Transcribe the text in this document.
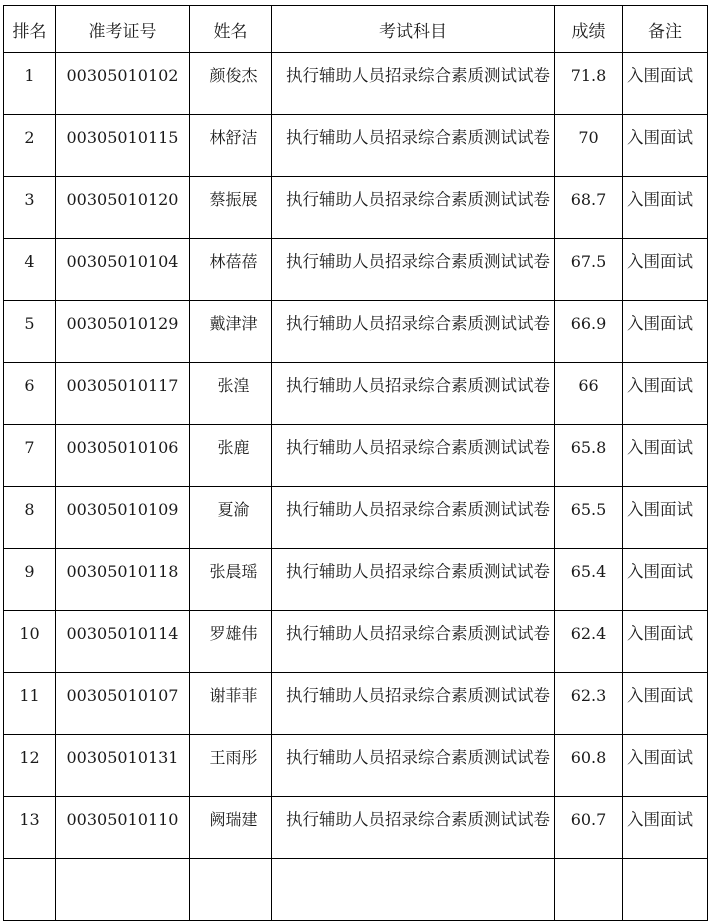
排名	准考证号	姓名	考试科目	成绩	备注
1	00305010102	颜俊杰	执行辅助人员招录综合素质测试试卷	71.8	入围面试
2	00305010115	林舒洁	执行辅助人员招录综合素质测试试卷	70	入围面试
3	00305010120	蔡振展	执行辅助人员招录综合素质测试试卷	68.7	入围面试
4	00305010104	林蓓蓓	执行辅助人员招录综合素质测试试卷	67.5	入围面试
5	00305010129	戴津津	执行辅助人员招录综合素质测试试卷	66.9	入围面试
6	00305010117	张湟	执行辅助人员招录综合素质测试试卷	66	入围面试
7	00305010106	张鹿	执行辅助人员招录综合素质测试试卷	65.8	入围面试
8	00305010109	夏渝	执行辅助人员招录综合素质测试试卷	65.5	入围面试
9	00305010118	张晨瑶	执行辅助人员招录综合素质测试试卷	65.4	入围面试
10	00305010114	罗雄伟	执行辅助人员招录综合素质测试试卷	62.4	入围面试
11	00305010107	谢菲菲	执行辅助人员招录综合素质测试试卷	62.3	入围面试
12	00305010131	王雨彤	执行辅助人员招录综合素质测试试卷	60.8	入围面试
13	00305010110	阙瑞建	执行辅助人员招录综合素质测试试卷	60.7	入围面试
